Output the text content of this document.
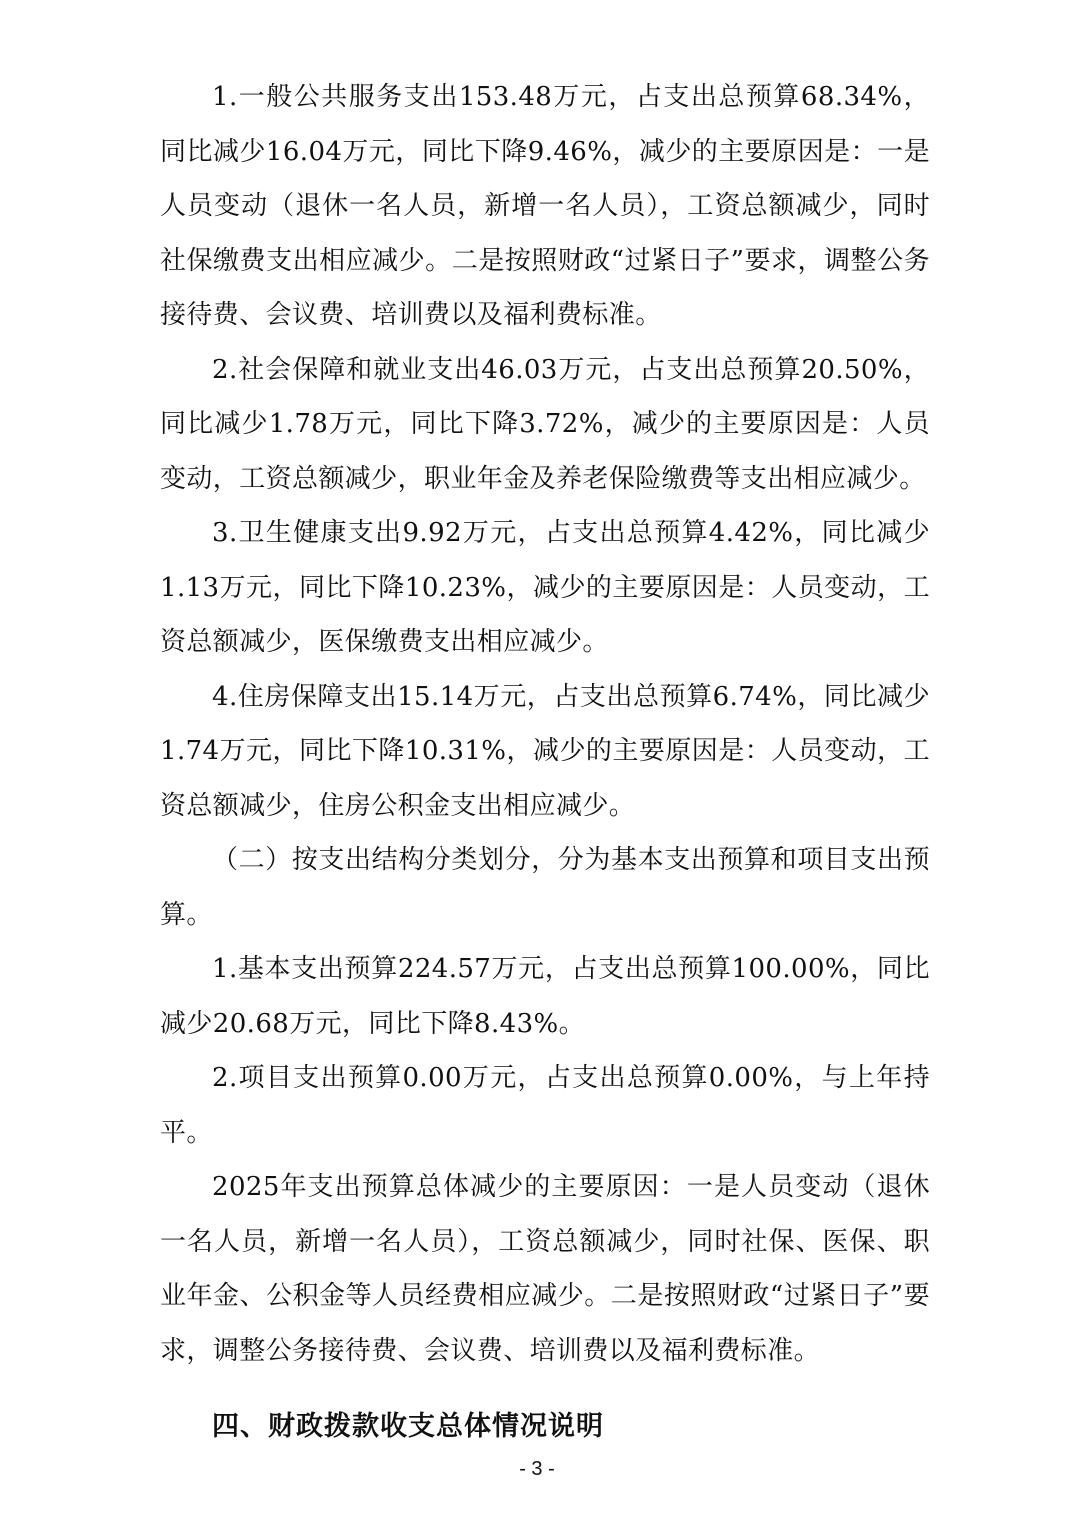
1.一般公共服务支出153.48万元，占支出总预算68.34%，同比减少16.04万元，同比下降9.46%，减少的主要原因是：一是人员变动（退休一名人员，新增一名人员），工资总额减少，同时社保缴费支出相应减少。二是按照财政“过紧日子”要求，调整公务接待费、会议费、培训费以及福利费标准。

2.社会保障和就业支出46.03万元，占支出总预算20.50%，同比减少1.78万元，同比下降3.72%，减少的主要原因是：人员变动，工资总额减少，职业年金及养老保险缴费等支出相应减少。

3.卫生健康支出9.92万元，占支出总预算4.42%，同比减少1.13万元，同比下降10.23%，减少的主要原因是：人员变动，工资总额减少，医保缴费支出相应减少。

4.住房保障支出15.14万元，占支出总预算6.74%，同比减少1.74万元，同比下降10.31%，减少的主要原因是：人员变动，工资总额减少，住房公积金支出相应减少。

（二）按支出结构分类划分，分为基本支出预算和项目支出预算。

1.基本支出预算224.57万元，占支出总预算100.00%，同比减少20.68万元，同比下降8.43%。

2.项目支出预算0.00万元，占支出总预算0.00%，与上年持平。

2025年支出预算总体减少的主要原因：一是人员变动（退休一名人员，新增一名人员），工资总额减少，同时社保、医保、职业年金、公积金等人员经费相应减少。二是按照财政“过紧日子”要求，调整公务接待费、会议费、培训费以及福利费标准。

四、财政拨款收支总体情况说明
- 3 -
